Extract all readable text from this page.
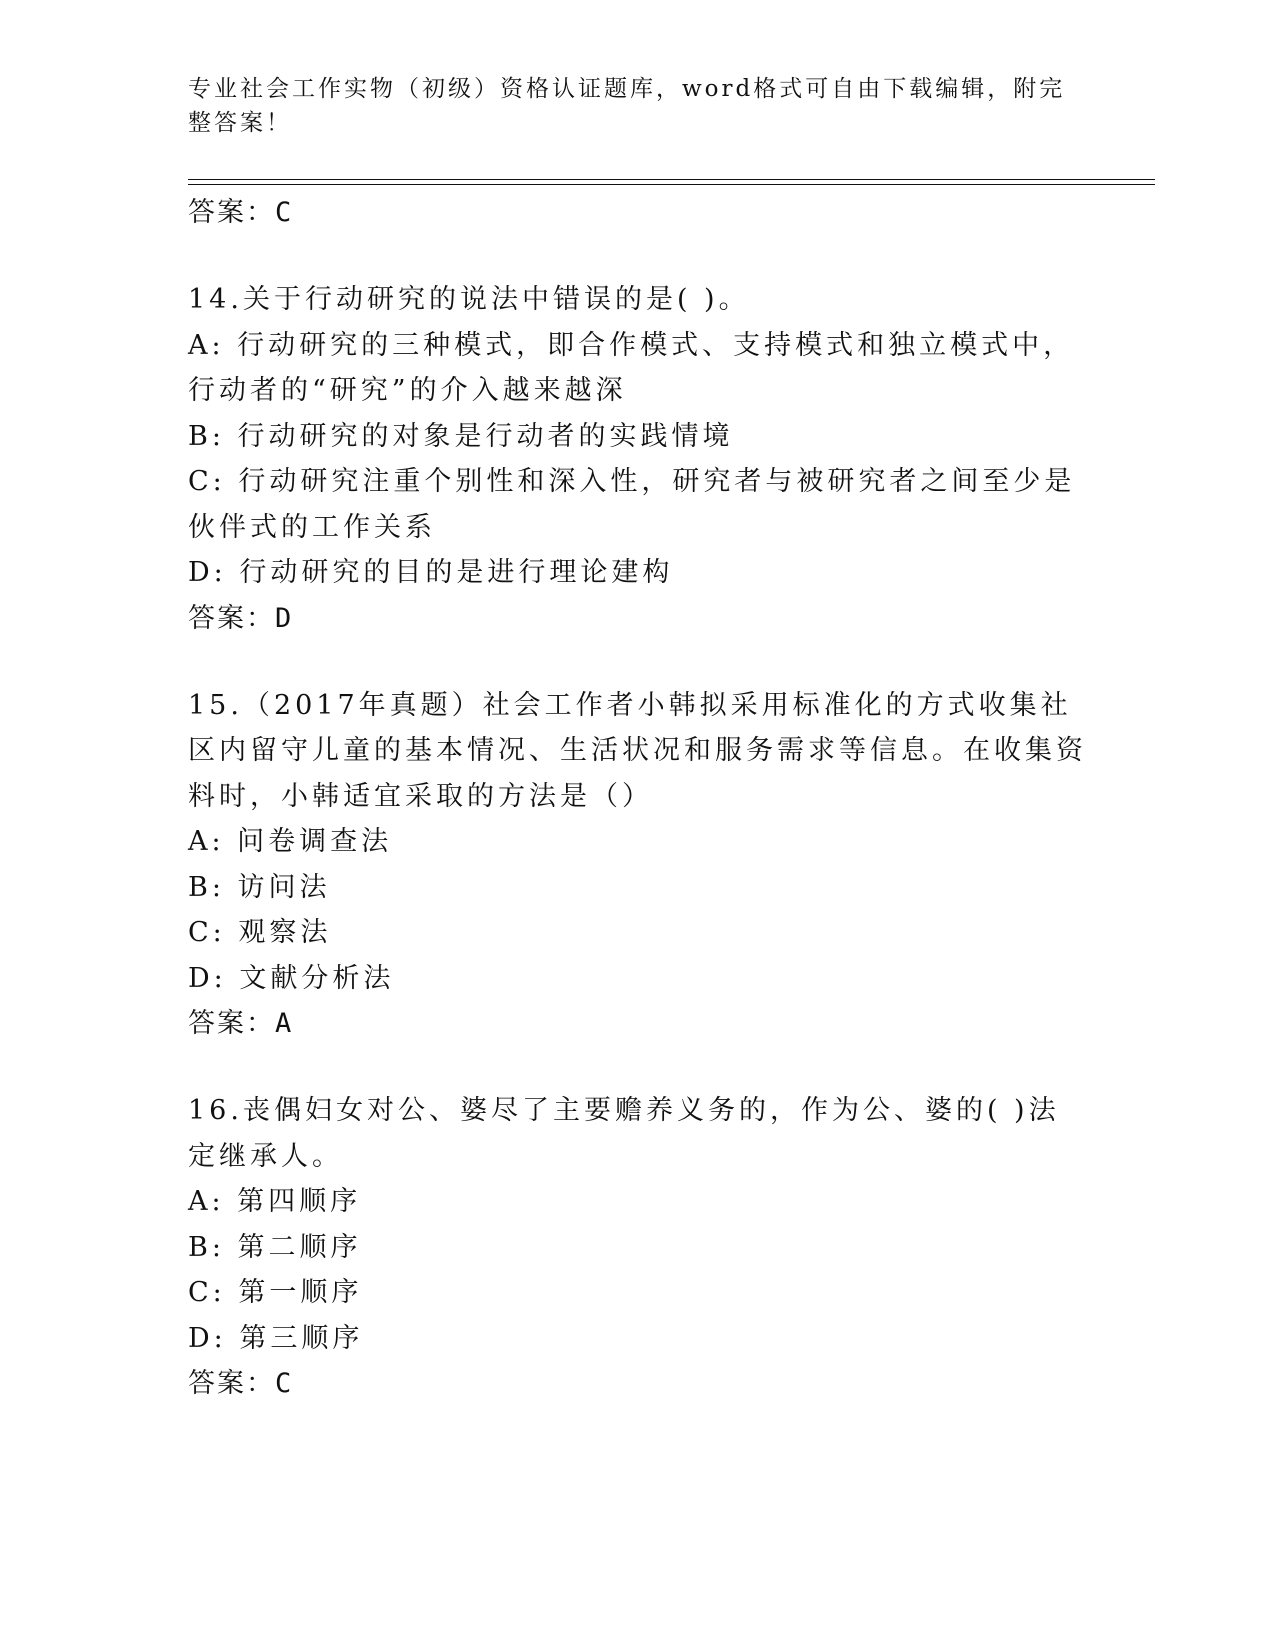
专业社会工作实物（初级）资格认证题库，word格式可自由下载编辑，附完整答案！

答案：C

14.关于行动研究的说法中错误的是( )。

A: 行动研究的三种模式，即合作模式、支持模式和独立模式中，行动者的“研究”的介入越来越深

B: 行动研究的对象是行动者的实践情境

C: 行动研究注重个别性和深入性，研究者与被研究者之间至少是伙伴式的工作关系

D: 行动研究的目的是进行理论建构

答案：D

15.（2017年真题）社会工作者小韩拟采用标准化的方式收集社区内留守儿童的基本情况、生活状况和服务需求等信息。在收集资料时，小韩适宜采取的方法是（）

A: 问卷调查法

B: 访问法

C: 观察法

D: 文献分析法

答案：A

16.丧偶妇女对公、婆尽了主要赡养义务的，作为公、婆的( )法定继承人。

A: 第四顺序

B: 第二顺序

C: 第一顺序

D: 第三顺序

答案：C
